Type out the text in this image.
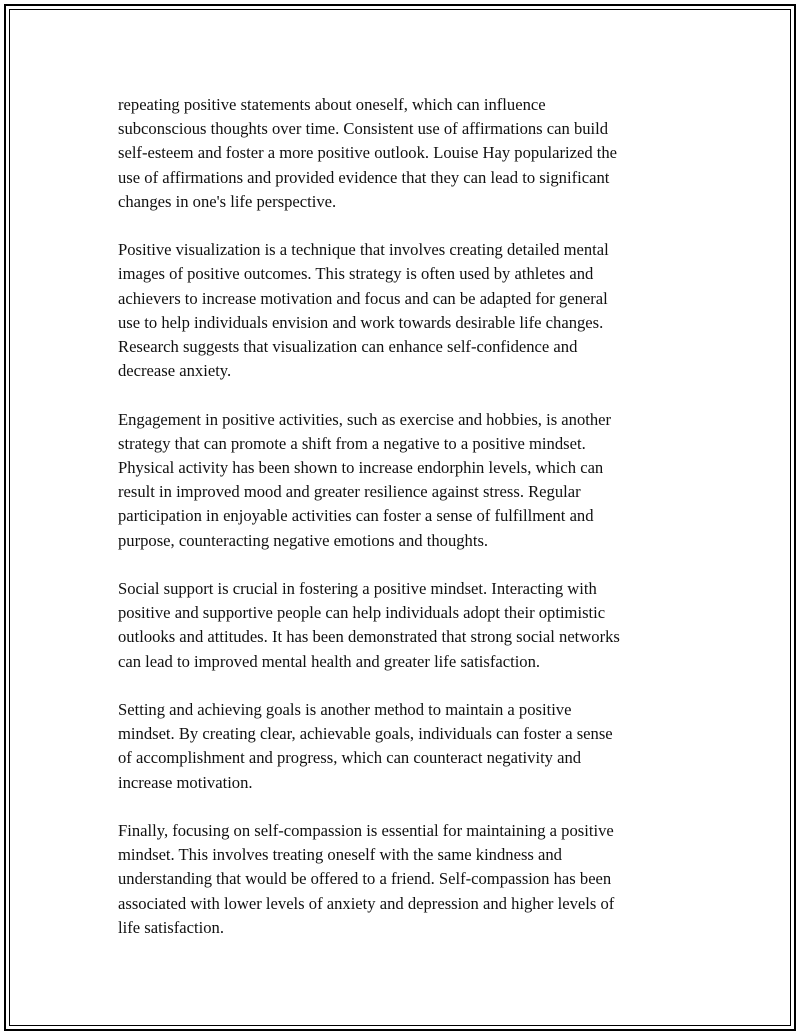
repeating positive statements about oneself, which can influence
subconscious thoughts over time. Consistent use of affirmations can build
self-esteem and foster a more positive outlook. Louise Hay popularized the
use of affirmations and provided evidence that they can lead to significant
changes in one's life perspective.

Positive visualization is a technique that involves creating detailed mental
images of positive outcomes. This strategy is often used by athletes and
achievers to increase motivation and focus and can be adapted for general
use to help individuals envision and work towards desirable life changes.
Research suggests that visualization can enhance self-confidence and
decrease anxiety.

Engagement in positive activities, such as exercise and hobbies, is another
strategy that can promote a shift from a negative to a positive mindset.
Physical activity has been shown to increase endorphin levels, which can
result in improved mood and greater resilience against stress. Regular
participation in enjoyable activities can foster a sense of fulfillment and
purpose, counteracting negative emotions and thoughts.

Social support is crucial in fostering a positive mindset. Interacting with
positive and supportive people can help individuals adopt their optimistic
outlooks and attitudes. It has been demonstrated that strong social networks
can lead to improved mental health and greater life satisfaction.

Setting and achieving goals is another method to maintain a positive
mindset. By creating clear, achievable goals, individuals can foster a sense
of accomplishment and progress, which can counteract negativity and
increase motivation.

Finally, focusing on self-compassion is essential for maintaining a positive
mindset. This involves treating oneself with the same kindness and
understanding that would be offered to a friend. Self-compassion has been
associated with lower levels of anxiety and depression and higher levels of
life satisfaction.
